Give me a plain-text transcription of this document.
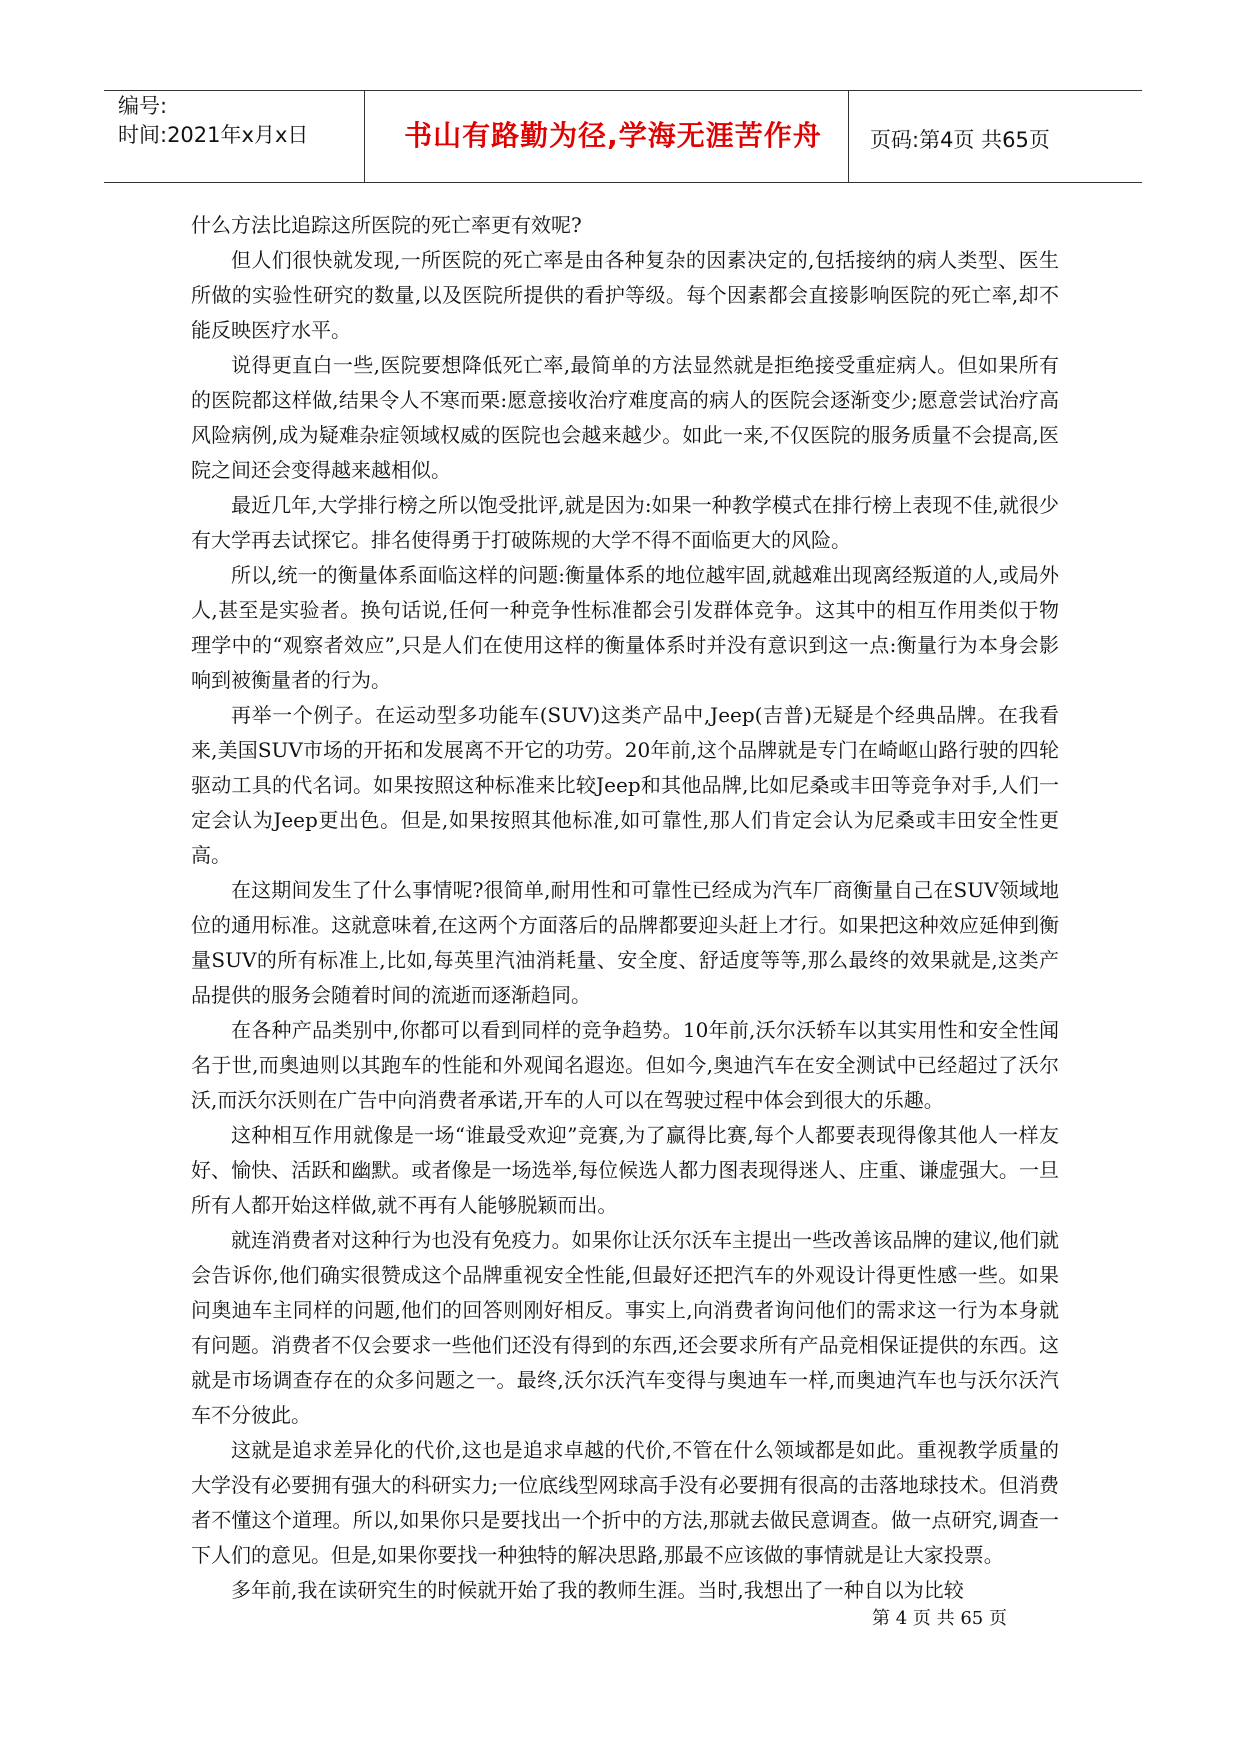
编号:
时间:2021年x月x日	书山有路勤为径,学海无涯苦作舟	页码:第4页 共65页

什么方法比追踪这所医院的死亡率更有效呢?

但人们很快就发现,一所医院的死亡率是由各种复杂的因素决定的,包括接纳的病人类型、医生所做的实验性研究的数量,以及医院所提供的看护等级。每个因素都会直接影响医院的死亡率,却不能反映医疗水平。

说得更直白一些,医院要想降低死亡率,最简单的方法显然就是拒绝接受重症病人。但如果所有的医院都这样做,结果令人不寒而栗:愿意接收治疗难度高的病人的医院会逐渐变少;愿意尝试治疗高风险病例,成为疑难杂症领域权威的医院也会越来越少。如此一来,不仅医院的服务质量不会提高,医院之间还会变得越来越相似。

最近几年,大学排行榜之所以饱受批评,就是因为:如果一种教学模式在排行榜上表现不佳,就很少有大学再去试探它。排名使得勇于打破陈规的大学不得不面临更大的风险。

所以,统一的衡量体系面临这样的问题:衡量体系的地位越牢固,就越难出现离经叛道的人,或局外人,甚至是实验者。换句话说,任何一种竞争性标准都会引发群体竞争。这其中的相互作用类似于物理学中的“观察者效应”,只是人们在使用这样的衡量体系时并没有意识到这一点:衡量行为本身会影响到被衡量者的行为。

再举一个例子。在运动型多功能车(SUV)这类产品中,Jeep(吉普)无疑是个经典品牌。在我看来,美国SUV市场的开拓和发展离不开它的功劳。20年前,这个品牌就是专门在崎岖山路行驶的四轮驱动工具的代名词。如果按照这种标准来比较Jeep和其他品牌,比如尼桑或丰田等竞争对手,人们一定会认为Jeep更出色。但是,如果按照其他标准,如可靠性,那人们肯定会认为尼桑或丰田安全性更高。

在这期间发生了什么事情呢?很简单,耐用性和可靠性已经成为汽车厂商衡量自己在SUV领域地位的通用标准。这就意味着,在这两个方面落后的品牌都要迎头赶上才行。如果把这种效应延伸到衡量SUV的所有标准上,比如,每英里汽油消耗量、安全度、舒适度等等,那么最终的效果就是,这类产品提供的服务会随着时间的流逝而逐渐趋同。

在各种产品类别中,你都可以看到同样的竞争趋势。10年前,沃尔沃轿车以其实用性和安全性闻名于世,而奥迪则以其跑车的性能和外观闻名遐迩。但如今,奥迪汽车在安全测试中已经超过了沃尔沃,而沃尔沃则在广告中向消费者承诺,开车的人可以在驾驶过程中体会到很大的乐趣。

这种相互作用就像是一场“谁最受欢迎”竞赛,为了赢得比赛,每个人都要表现得像其他人一样友好、愉快、活跃和幽默。或者像是一场选举,每位候选人都力图表现得迷人、庄重、谦虚强大。一旦所有人都开始这样做,就不再有人能够脱颖而出。

就连消费者对这种行为也没有免疫力。如果你让沃尔沃车主提出一些改善该品牌的建议,他们就会告诉你,他们确实很赞成这个品牌重视安全性能,但最好还把汽车的外观设计得更性感一些。如果问奥迪车主同样的问题,他们的回答则刚好相反。事实上,向消费者询问他们的需求这一行为本身就有问题。消费者不仅会要求一些他们还没有得到的东西,还会要求所有产品竞相保证提供的东西。这就是市场调查存在的众多问题之一。最终,沃尔沃汽车变得与奥迪车一样,而奥迪汽车也与沃尔沃汽车不分彼此。

这就是追求差异化的代价,这也是追求卓越的代价,不管在什么领域都是如此。重视教学质量的大学没有必要拥有强大的科研实力;一位底线型网球高手没有必要拥有很高的击落地球技术。但消费者不懂这个道理。所以,如果你只是要找出一个折中的方法,那就去做民意调查。做一点研究,调查一下人们的意见。但是,如果你要找一种独特的解决思路,那最不应该做的事情就是让大家投票。

多年前,我在读研究生的时候就开始了我的教师生涯。当时,我想出了一种自以为比较

第 4 页 共 65 页
